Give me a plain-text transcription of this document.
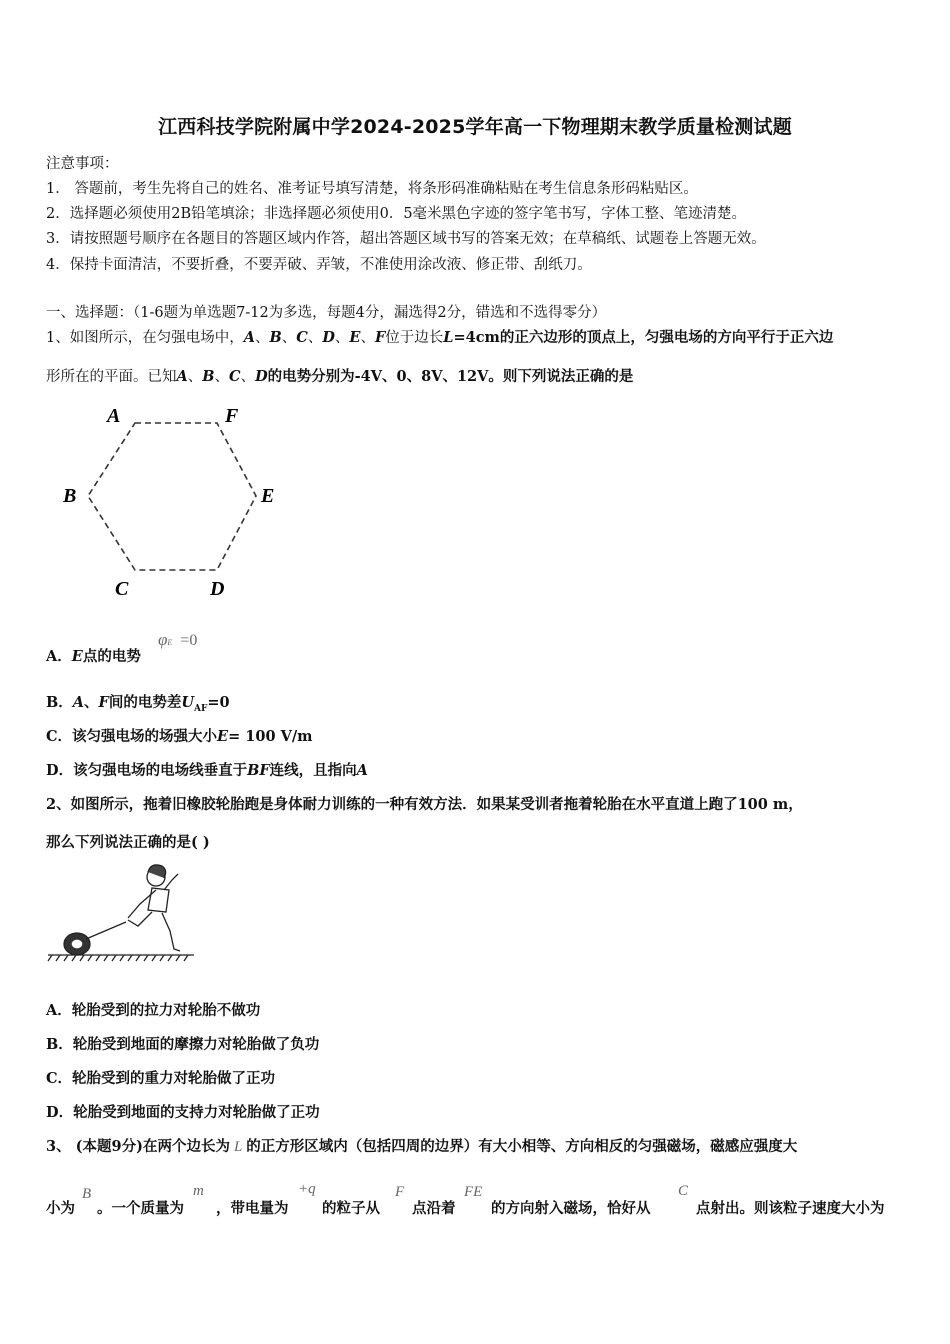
江西科技学院附属中学2024-2025学年高一下物理期末教学质量检测试题
注意事项：
1． 答题前，考生先将自己的姓名、准考证号填写清楚，将条形码准确粘贴在考生信息条形码粘贴区。
2．选择题必须使用2B铅笔填涂；非选择题必须使用0．5毫米黑色字迹的签字笔书写，字体工整、笔迹清楚。
3．请按照题号顺序在各题目的答题区域内作答，超出答题区域书写的答案无效；在草稿纸、试题卷上答题无效。
4．保持卡面清洁，不要折叠，不要弄破、弄皱，不准使用涂改液、修正带、刮纸刀。
一、选择题：（1-6题为单选题7-12为多选，每题4分，漏选得2分，错选和不选得零分）
1、如图所示，在匀强电场中，A、B、C、D、E、F位于边长L=4cm的正六边形的顶点上，匀强电场的方向平行于正六边
形所在的平面。已知A、B、C、D的电势分别为-4V、0、8V、12V。则下列说法正确的是
A	F
B	E
C	D
A．E点的电势
φE =0
B．A、F间的电势差$U_{AF}=0$
C．该匀强电场的场强大小E= 100 V/m
D．该匀强电场的电场线垂直于BF连线，且指向A
2、如图所示，拖着旧橡胶轮胎跑是身体耐力训练的一种有效方法．如果某受训者拖着轮胎在水平直道上跑了100 m，
那么下列说法正确的是( )
A．轮胎受到的拉力对轮胎不做功
B．轮胎受到地面的摩擦力对轮胎做了负功
C．轮胎受到的重力对轮胎做了正功
D．轮胎受到地面的支持力对轮胎做了正功
3、 (本题9分)在两个边长为 L 的正方形区域内（包括四周的边界）有大小相等、方向相反的匀强磁场，磁感应强度大
小为
B
。一个质量为
m
，带电量为
+q
的粒子从
F
点沿着
FE
的方向射入磁场，恰好从
C
点射出。则该粒子速度大小为
